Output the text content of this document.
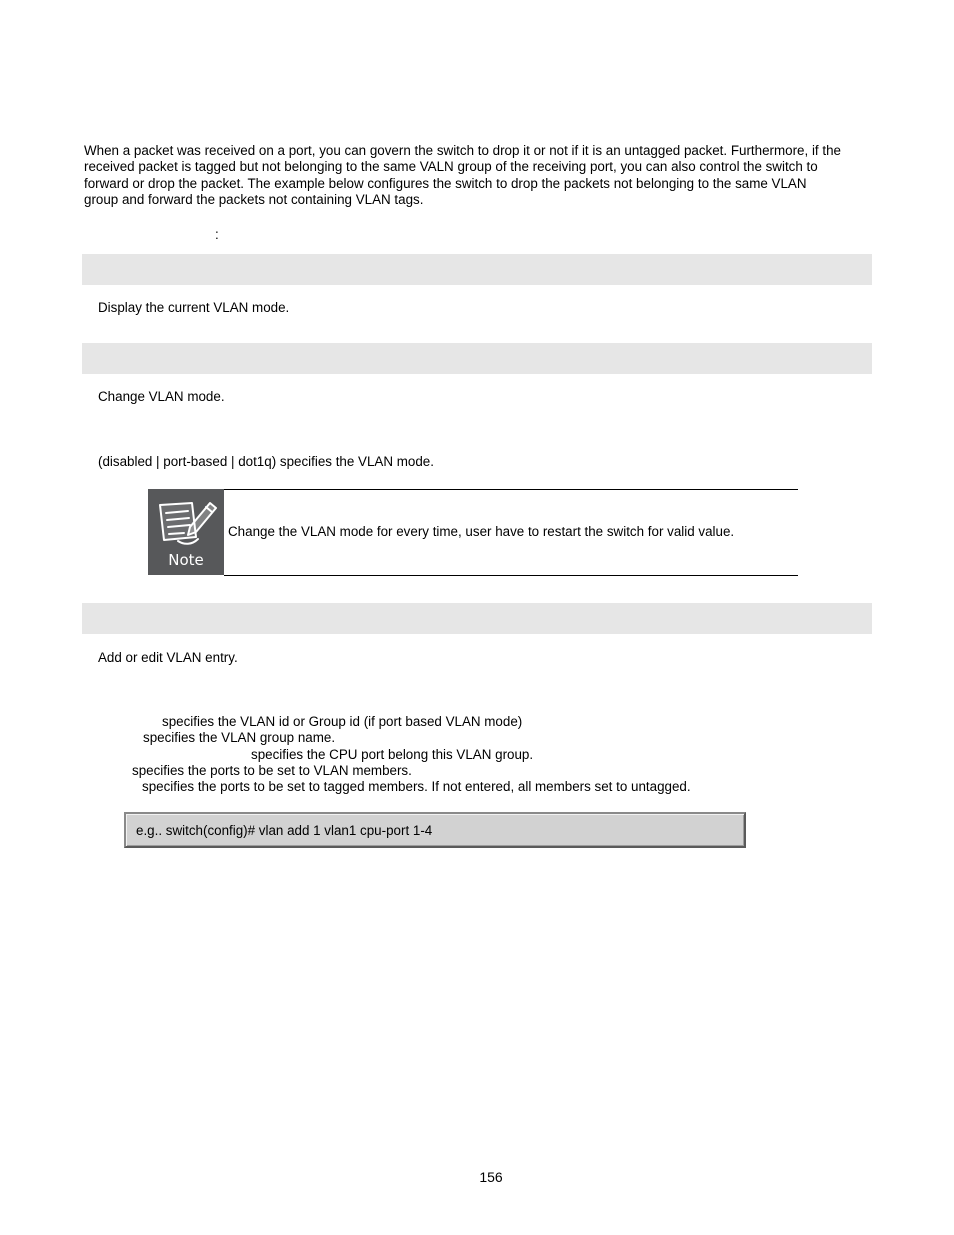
When a packet was received on a port, you can govern the switch to drop it or not if it is an untagged packet. Furthermore, if the

received packet is tagged but not belonging to the same VALN group of the receiving port, you can also control the switch to

forward or drop the packet. The example below configures the switch to drop the packets not belonging to the same VLAN

group and forward the packets not containing VLAN tags.

:
Display the current VLAN mode.
Change VLAN mode.
(disabled | port-based | dot1q) specifies the VLAN mode.
Note
Change the VLAN mode for every time, user have to restart the switch for valid value.
Add or edit VLAN entry.
specifies the VLAN id or Group id (if port based VLAN mode)
specifies the VLAN group name.
specifies the CPU port belong this VLAN group.
specifies the ports to be set to VLAN members.
specifies the ports to be set to tagged members. If not entered, all members set to untagged.
e.g.. switch(config)# vlan add 1 vlan1 cpu-port 1-4
156
